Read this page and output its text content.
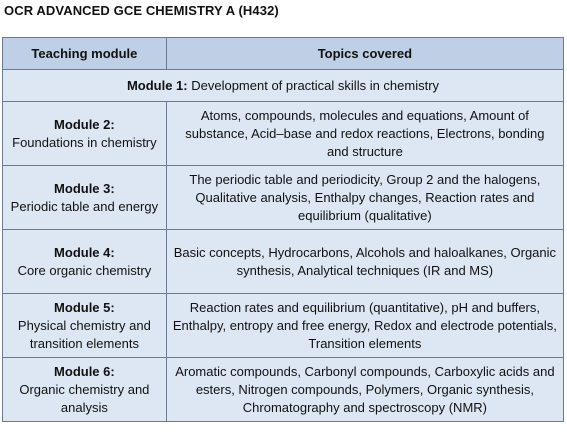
OCR ADVANCED GCE CHEMISTRY A (H432)
Teaching module	Topics covered
Module 1: Development of practical skills in chemistry	

Module 2:
Foundations in chemistry	Atoms, compounds, molecules and equations, Amount of substance, Acid–base and redox reactions, Electrons, bonding and structure

Module 3:
Periodic table and energy	The periodic table and periodicity, Group 2 and the halogens, Qualitative analysis, Enthalpy changes, Reaction rates and equilibrium (qualitative)

Module 4:
Core organic chemistry	Basic concepts, Hydrocarbons, Alcohols and haloalkanes, Organic synthesis, Analytical techniques (IR and MS)

Module 5:
Physical chemistry and transition elements	Reaction rates and equilibrium (quantitative), pH and buffers, Enthalpy, entropy and free energy, Redox and electrode potentials, Transition elements

Module 6:
Organic chemistry and analysis	Aromatic compounds, Carbonyl compounds, Carboxylic acids and esters, Nitrogen compounds, Polymers, Organic synthesis, Chromatography and spectroscopy (NMR)
